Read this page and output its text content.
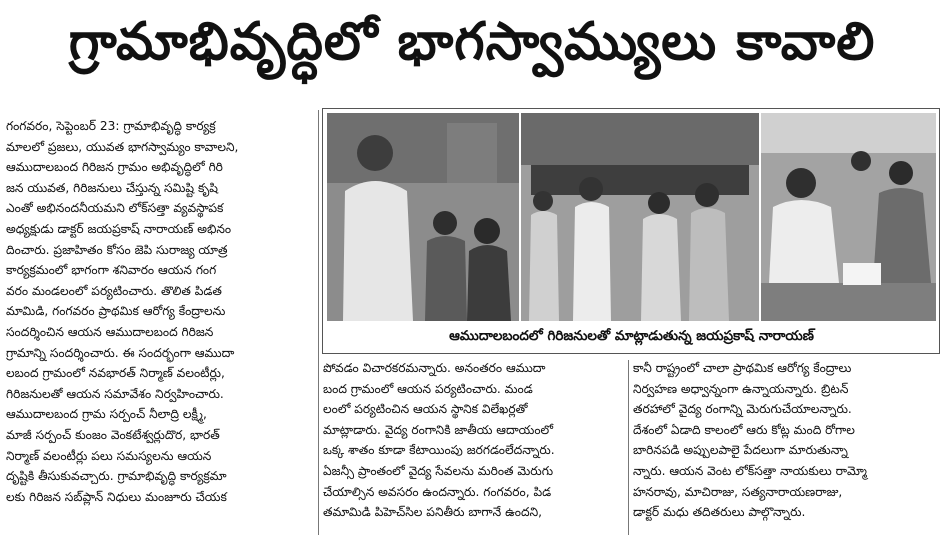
గ్రామాభివృద్ధిలో భాగస్వామ్యులు కావాలి
గంగవరం, సెప్టెంబర్ 23: గ్రామాభివృద్ధి కార్యక్ర
మాలలో ప్రజలు, యువత భాగస్వామ్యం కావాలని,
ఆముదాలబంద గిరిజన గ్రామం అభివృద్ధిలో గిరి
జన యువత, గిరిజనులు చేస్తున్న సమిష్టి కృషి
ఎంతో అభినందనీయమని లోక్‌సత్తా వ్యవస్థాపక
అధ్యక్షుడు డాక్టర్ జయప్రకాష్ నారాయణ్ అభినం
దించారు. ప్రజాహితం కోసం జెపి సురాజ్య యాత్ర
కార్యక్రమంలో భాగంగా శనివారం ఆయన గంగ
వరం మండలంలో పర్యటించారు. తొలిత పిడత
మామిడి, గంగవరం ప్రాథమిక ఆరోగ్య కేంద్రాలను
సందర్శించిన ఆయన ఆముదాలబంద గిరిజన
గ్రామాన్ని సందర్శించారు. ఈ సందర్భంగా ఆముదా
లబంద గ్రామంలో నవభారత్ నిర్మాణ్ వలంటీర్లు,
గిరిజనులతో ఆయన సమావేశం నిర్వహించారు.
ఆముదాలబంద గ్రామ సర్పంచ్ నీలాద్రి లక్ష్మీ,
మాజీ సర్పంచ్ కుంజం వెంకటేశ్వర్లుదొర, భారత్
నిర్మాణ్ వలంటీర్లు పలు సమస్యలను ఆయన
దృష్టికి తీసుకువచ్చారు. గ్రామాభివృద్ధి కార్యక్రమా
లకు గిరిజన సబ్‌ప్లాన్ నిధులు మంజూరు చేయక
ఆముదాలబందలో గిరిజనులతో మాట్లాడుతున్న జయప్రకాష్ నారాయణ్
పోవడం విచారకరమన్నారు. అనంతరం ఆముదా
బంద గ్రామంలో ఆయన పర్యటించారు. మండ
లంలో పర్యటించిన ఆయన స్థానిక విలేఖర్లతో
మాట్లాడారు. వైద్య రంగానికి జాతీయ ఆదాయంలో
ఒక్క శాతం కూడా కేటాయింపు జరగడంలేదన్నారు.
ఏజన్సీ ప్రాంతంలో వైద్య సేవలను మరింత మెరుగు
చేయాల్సిన అవసరం ఉందన్నారు. గంగవరం, పిడ
తమామిడి పిహెచ్‌సిల పనితీరు బాగానే ఉందని,
కానీ రాష్ట్రంలో చాలా ప్రాథమిక ఆరోగ్య కేంద్రాలు
నిర్వహణ అధ్వాన్నంగా ఉన్నాయన్నారు. బ్రిటన్
తరహాలో వైద్య రంగాన్ని మెరుగుచేయాలన్నారు.
దేశంలో ఏడాది కాలంలో ఆరు కోట్ల మంది రోగాల
బారినపడి అప్పులపాలై పేదలుగా మారుతున్నా
న్నారు. ఆయన వెంట లోక్‌సత్తా నాయకులు రామ్మో
హనరావు, మాచిరాజు, సత్యనారాయణరాజు,
డాక్టర్ మధు తదితరులు పాల్గొన్నారు.
